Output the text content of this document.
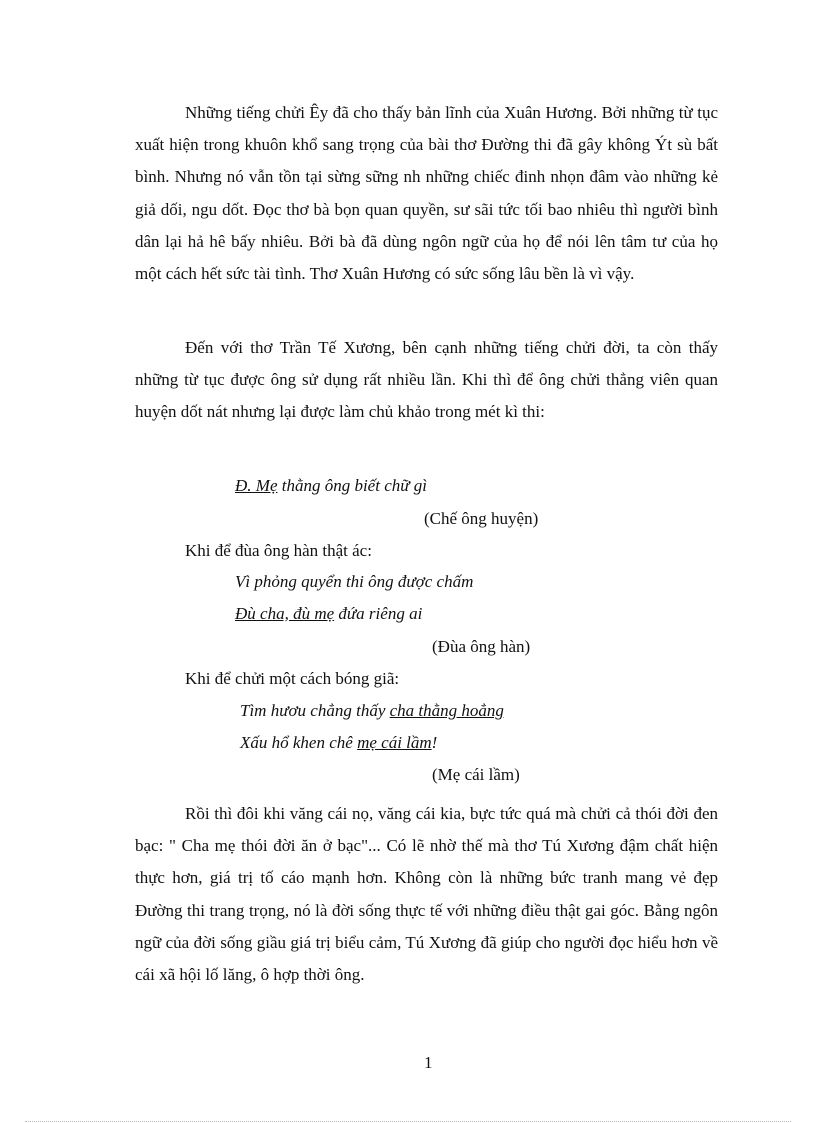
Những tiếng chửi Êy đã cho thấy bản lĩnh của Xuân Hương. Bởi những từ tục xuất hiện trong khuôn khổ sang trọng của bài thơ Đường thi đã gây không Ýt sù bất bình. Nhưng nó vẫn tồn tại sừng sững nh những chiếc đinh nhọn đâm vào những kẻ giả dối, ngu dốt. Đọc thơ bà bọn quan quyền, sư sãi tức tối bao nhiêu thì người bình dân lại hả hê bấy nhiêu. Bởi bà đã dùng ngôn ngữ của họ để nói lên tâm tư của họ một cách hết sức tài tình. Thơ Xuân Hương có sức sống lâu bền là vì vậy.

Đến với thơ Trần Tế Xương, bên cạnh những tiếng chửi đời, ta còn thấy những từ tục được ông sử dụng rất nhiều lần. Khi thì để ông chửi thẳng viên quan huyện dốt nát nhưng lại được làm chủ khảo trong mét kì thi:

Đ. Mẹ thằng ông biết chữ gì

(Chế ông huyện)
Khi để đùa ông hàn thật ác:

Vì phỏng quyển thi ông được chấm

Đù cha, đù mẹ đứa riêng ai

(Đùa ông hàn)
Khi để chửi một cách bóng giã:

Tìm hươu chẳng thấy cha thằng hoẳng

Xấu hổ khen chê mẹ cái lầm!

(Mẹ cái lầm)

Rồi thì đôi khi văng cái nọ, văng cái kia, bực tức quá mà chửi cả thói đời đen bạc: " Cha mẹ thói đời ăn ở bạc"... Có lẽ nhờ thế mà thơ Tú Xương đậm chất hiện thực hơn, giá trị tố cáo mạnh hơn. Không còn là những bức tranh mang vẻ đẹp Đường thi trang trọng, nó là đời sống thực tế với những điều thật gai góc. Bằng ngôn ngữ của đời sống giầu giá trị biểu cảm, Tú Xương đã giúp cho người đọc hiểu hơn về cái xã hội lố lăng, ô hợp thời ông.

1
